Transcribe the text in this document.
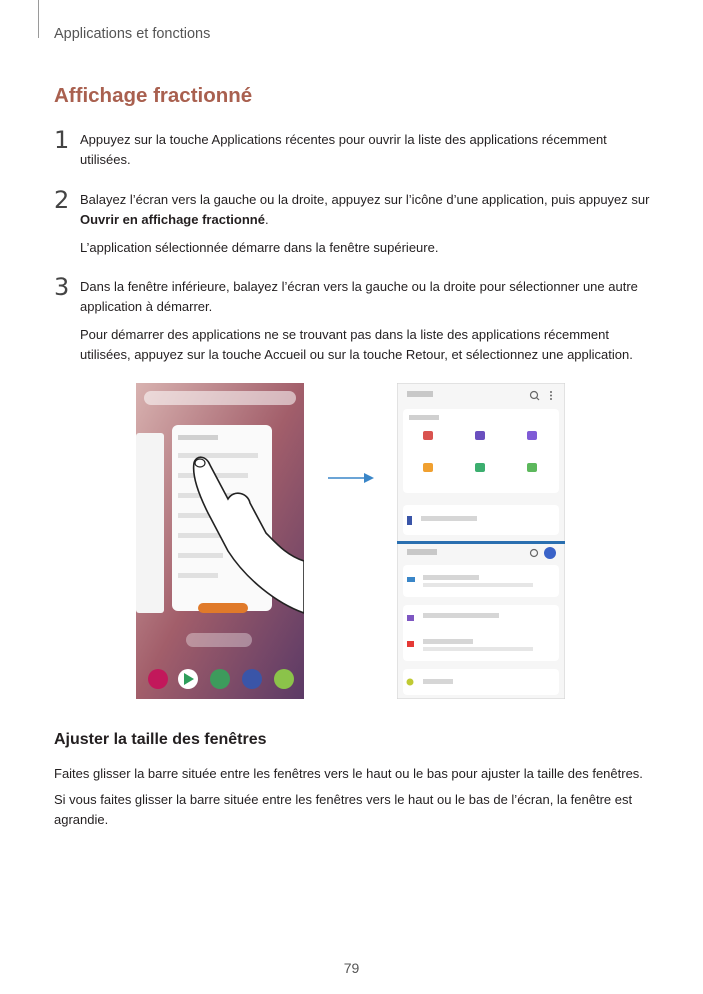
Applications et fonctions
Affichage fractionné
1 Appuyez sur la touche Applications récentes pour ouvrir la liste des applications récemment utilisées.

2 Balayez l’écran vers la gauche ou la droite, appuyez sur l’icône d’une application, puis appuyez sur Ouvrir en affichage fractionné.

L’application sélectionnée démarre dans la fenêtre supérieure.

3 Dans la fenêtre inférieure, balayez l’écran vers la gauche ou la droite pour sélectionner une autre application à démarrer.

Pour démarrer des applications ne se trouvant pas dans la liste des applications récemment utilisées, appuyez sur la touche Accueil ou sur la touche Retour, et sélectionnez une application.

Ajuster la taille des fenêtres

Faites glisser la barre située entre les fenêtres vers le haut ou le bas pour ajuster la taille des fenêtres.

Si vous faites glisser la barre située entre les fenêtres vers le haut ou le bas de l’écran, la fenêtre est agrandie.

79
